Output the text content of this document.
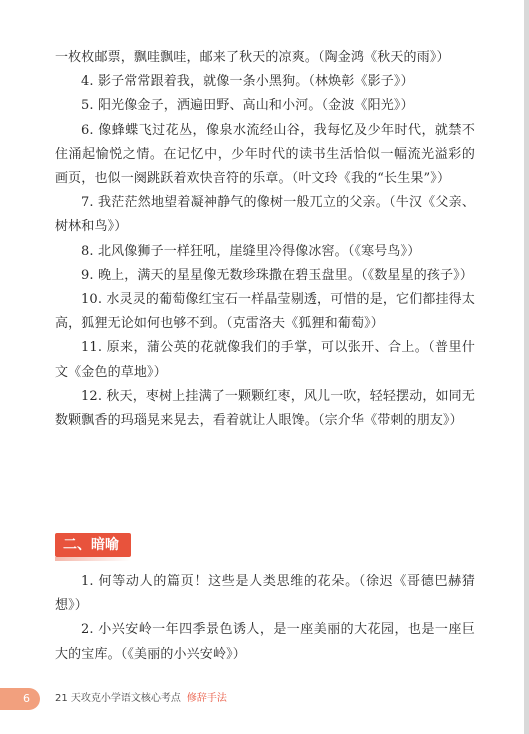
一枚枚邮票，飘哇飘哇，邮来了秋天的凉爽。（陶金鸿《秋天的雨》）

4. 影子常常跟着我，就像一条小黑狗。（林焕彰《影子》）

5. 阳光像金子，洒遍田野、高山和小河。（金波《阳光》）

6. 像蜂蝶飞过花丛，像泉水流经山谷，我每忆及少年时代，就禁不住涌起愉悦之情。在记忆中，少年时代的读书生活恰似一幅流光溢彩的画页，也似一阕跳跃着欢快音符的乐章。（叶文玲《我的“长生果”》）

7. 我茫茫然地望着凝神静气的像树一般兀立的父亲。（牛汉《父亲、树林和鸟》）

8. 北风像狮子一样狂吼，崖缝里冷得像冰窖。（《寒号鸟》）

9. 晚上，满天的星星像无数珍珠撒在碧玉盘里。（《数星星的孩子》）

10. 水灵灵的葡萄像红宝石一样晶莹剔透，可惜的是，它们都挂得太高，狐狸无论如何也够不到。（克雷洛夫《狐狸和葡萄》）

11. 原来，蒲公英的花就像我们的手掌，可以张开、合上。（普里什文《金色的草地》）

12. 秋天，枣树上挂满了一颗颗红枣，风儿一吹，轻轻摆动，如同无数颗飘香的玛瑙晃来晃去，看着就让人眼馋。（宗介华《带刺的朋友》）

二、暗喻

1. 何等动人的篇页！这些是人类思维的花朵。（徐迟《哥德巴赫猜想》）

2. 小兴安岭一年四季景色诱人，是一座美丽的大花园，也是一座巨大的宝库。（《美丽的小兴安岭》）

6	21 天攻克小学语文核心考点 修辞手法
